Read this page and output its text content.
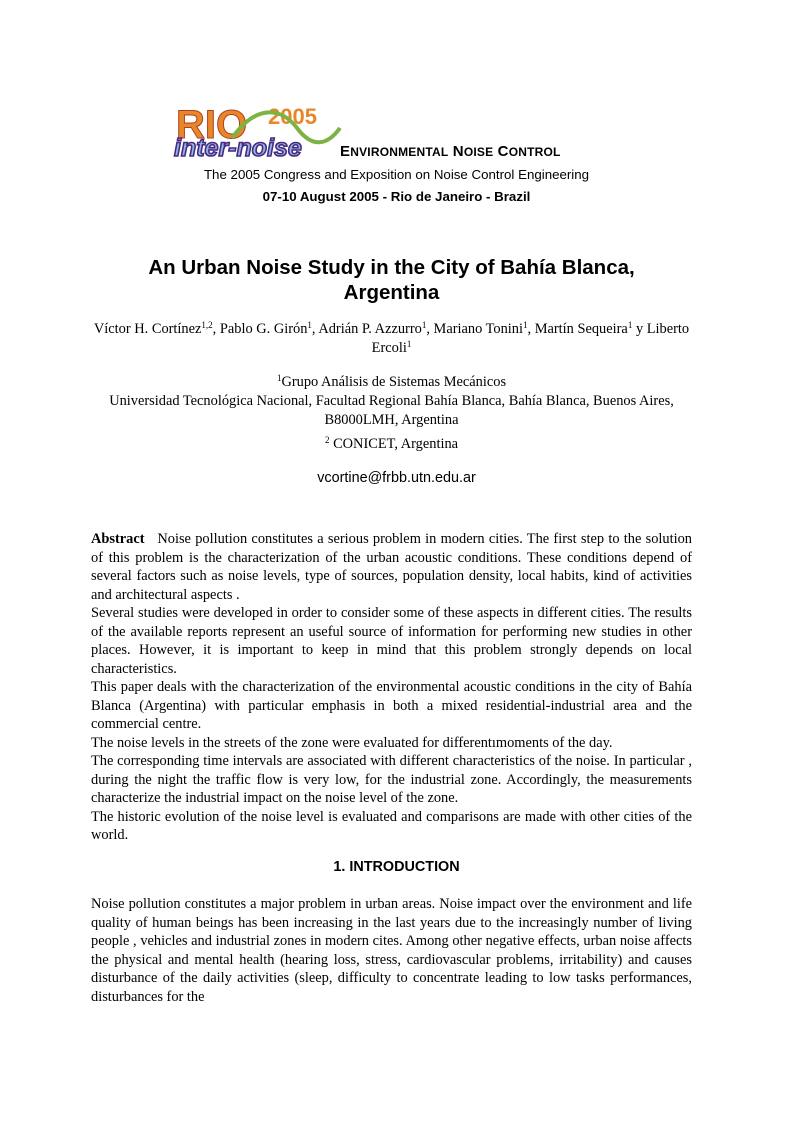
RIO 2005
inter-noise	ENVIRONMENTAL NOISE CONTROL
The 2005 Congress and Exposition on Noise Control Engineering
07-10 August 2005 - Rio de Janeiro - Brazil
An Urban Noise Study in the City of Bahía Blanca,
Argentina
Víctor H. Cortínez$^{1,2}$, Pablo G. Girón$^1$, Adrián P. Azzurro$^1$, Mariano Tonini$^1$, Martín Sequeira$^1$ y Liberto Ercoli$^1$
$^1$Grupo Análisis de Sistemas Mecánicos
Universidad Tecnológica Nacional, Facultad Regional Bahía Blanca, Bahía Blanca, Buenos Aires, B8000LMH, Argentina
$^2$ CONICET, Argentina
vcortine@frbb.utn.edu.ar

Abstract Noise pollution constitutes a serious problem in modern cities. The first step to the solution of this problem is the characterization of the urban acoustic conditions. These conditions depend of several factors such as noise levels, type of sources, population density, local habits, kind of activities and architectural aspects .

Several studies were developed in order to consider some of these aspects in different cities. The results of the available reports represent an useful source of information for performing new studies in other places. However, it is important to keep in mind that this problem strongly depends on local characteristics.

This paper deals with the characterization of the environmental acoustic conditions in the city of Bahía Blanca (Argentina) with particular emphasis in both a mixed residential-industrial area and the commercial centre.

The noise levels in the streets of the zone were evaluated for differentımoments of the day.

The corresponding time intervals are associated with different characteristics of the noise. In particular , during the night the traffic flow is very low, for the industrial zone. Accordingly, the measurements characterize the industrial impact on the noise level of the zone.

The historic evolution of the noise level is evaluated and comparisons are made with other cities of the world.

1. INTRODUCTION

Noise pollution constitutes a major problem in urban areas. Noise impact over the environment and life quality of human beings has been increasing in the last years due to the increasingly number of living people , vehicles and industrial zones in modern cites. Among other negative effects, urban noise affects the physical and mental health (hearing loss, stress, cardiovascular problems, irritability) and causes disturbance of the daily activities (sleep, difficulty to concentrate leading to low tasks performances, disturbances for the
